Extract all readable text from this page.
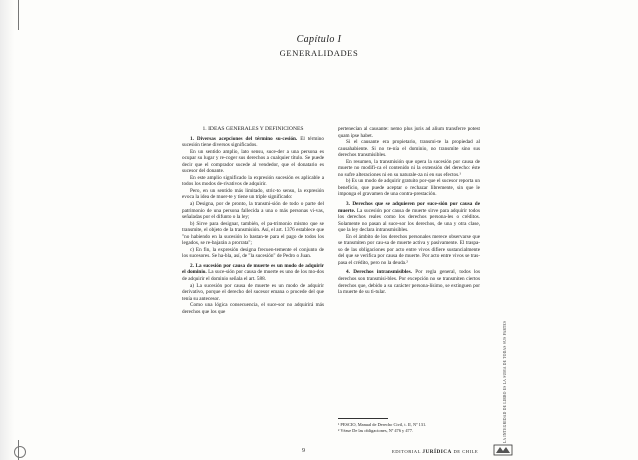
Capítulo I
GENERALIDADES

1. IDEAS GENERALES Y DEFINICIONES

1. Diversas acepciones del término su-cesión. El término sucesión tiene diversos significados.

En un sentido amplio, lato sensu, suce-der a una persona es ocupar su lugar y re-coger sus derechos a cualquier título. Se puede decir que el comprador sucede al vendedor, que el donatario es sucesor del donante.

En este amplio significado la expresión sucesión es aplicable a todos los modos de-rivativos de adquirir.

Pero, en un sentido más limitado, stric-to sensu, la expresión evoca la idea de muer-te y tiene un triple significado:

a) Designa, por de pronto, la transmi-sión de todo o parte del patrimonio de una persona fallecida a una o más personas vi-vas, señaladas por el difunto o la ley;

b) Sirve para designar, también, el pa-trimonio mismo que se transmite, el objeto de la transmisión. Así, el art. 1376 establece que "no habiendo en la sucesión lo bastan-te para el pago de todos los legados, se re-bajarán a prorrata";

c) En fin, la expresión designa frecuen-temente el conjunto de los sucesores. Se ha-bla, así, de "la sucesión" de Pedro o Juan.

2. La sucesión por causa de muerte es un modo de adquirir el dominio. La suce-sión por causa de muerte es uno de los mo-dos de adquirir el dominio señala el art. 588.

a) La sucesión por causa de muerte es un modo de adquirir derivativo, porque el derecho del sucesor emana o procede del que tenía su antecesor.

Como una lógica consecuencia, el suce-sor no adquirirá más derechos que los que

pertenecían al causante: nemo plus juris ad alium transferre potest quam ipse habet.

Si el causante era propietario, transmi-te la propiedad al causahabiente. Si no te-nía el dominio, no transmite sino sus derechos transmisibles.

En resumen, la transmisión que opera la sucesión por causa de muerte no modifi-ca el contenido ni la extensión del derecho: éste no sufre alteraciones ni en su naturale-za ni en sus efectos.¹

b) Es un modo de adquirir gratuito por-que el sucesor reporta un beneficio, que puede aceptar o rechazar libremente, sin que le imponga el gravamen de una contra-prestación.

3. Derechos que se adquieren por suce-sión por causa de muerte. La sucesión por causa de muerte sirve para adquirir todos los derechos reales como los derechos persona-les o créditos. Solamente no pasan al suce-sor los derechos, de una y otra clase, que la ley declara intransmisibles.

En el ámbito de los derechos personales merece observarse que se transmiten por cau-sa de muerte activa y pasivamente. El traspa-so de las obligaciones por acto entre vivos difiere sustancialmente del que se verifica por causa de muerte. Por acto entre vivos se tras-pasa el crédito, pero no la deuda.²

4. Derechos intransmisibles. Por regla general, todos los derechos son transmisi-bles. Por excepción no se transmiten ciertos derechos que, debido a su carácter persona-lísimo, se extinguen por la muerte de su ti-tular.

¹ PESCIO, Manual de Derecho Civil, t. II, Nº 131.
² Véase De las obligaciones, Nº 476 y 477.
9	EDITORIAL JURÍDICA DE CHILE
LA INTEGRIDAD DE LIBRO ES LA SUMA DE TODAS SUS PARTES
